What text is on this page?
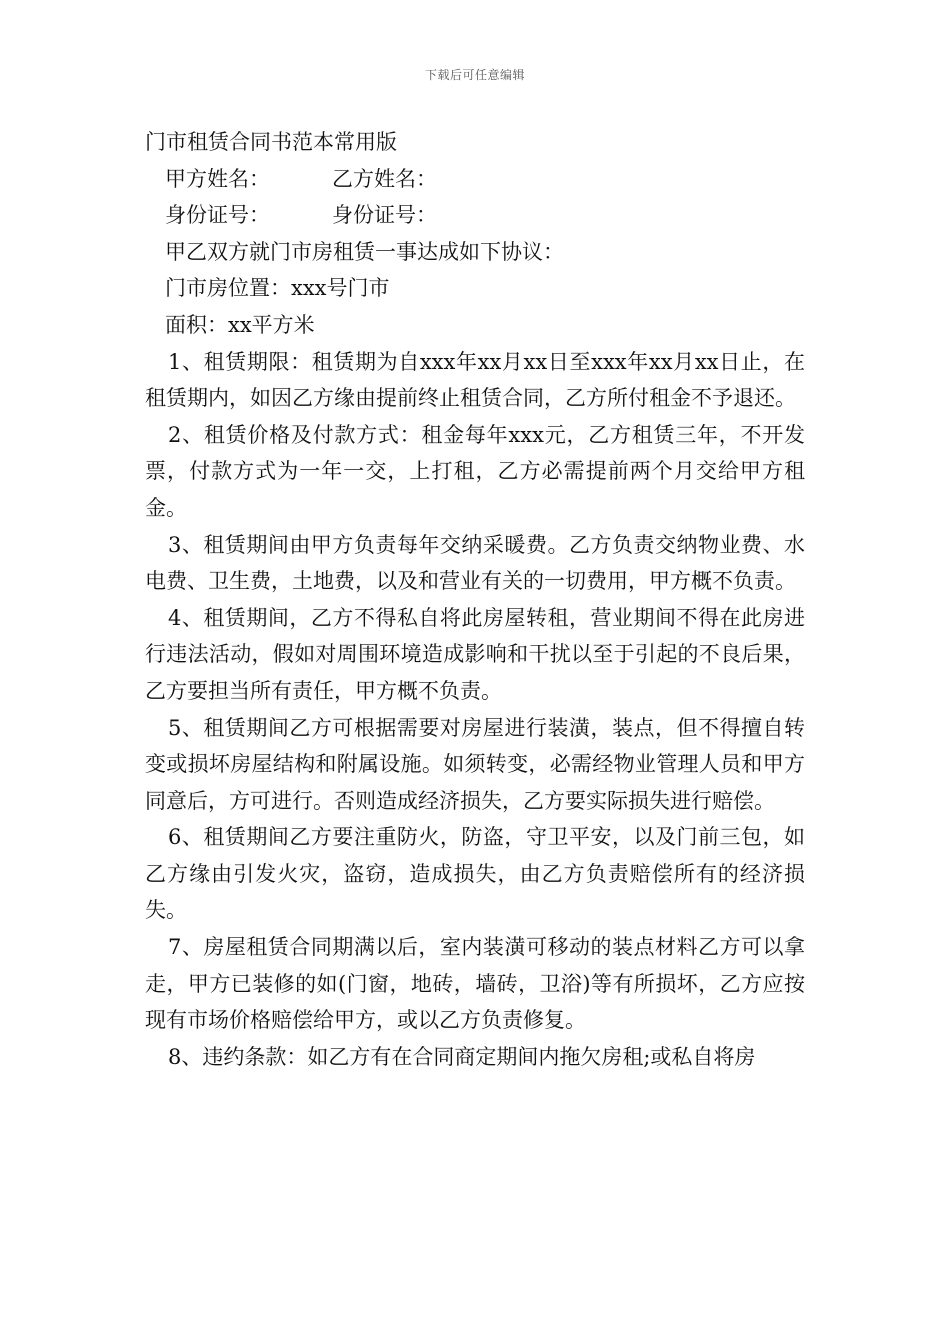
下载后可任意编辑

门市租赁合同书范本常用版

甲方姓名：	乙方姓名：

身份证号：	身份证号：

甲乙双方就门市房租赁一事达成如下协议：

门市房位置：xxx号门市

面积：xx平方米

1、租赁期限：租赁期为自xxx年xx月xx日至xxx年xx月xx日止，在租赁期内，如因乙方缘由提前终止租赁合同，乙方所付租金不予退还。

2、租赁价格及付款方式：租金每年xxx元，乙方租赁三年，不开发票，付款方式为一年一交，上打租，乙方必需提前两个月交给甲方租金。

3、租赁期间由甲方负责每年交纳采暖费。乙方负责交纳物业费、水电费、卫生费，土地费，以及和营业有关的一切费用，甲方概不负责。

4、租赁期间，乙方不得私自将此房屋转租，营业期间不得在此房进行违法活动，假如对周围环境造成影响和干扰以至于引起的不良后果，乙方要担当所有责任，甲方概不负责。

5、租赁期间乙方可根据需要对房屋进行装潢，装点，但不得擅自转变或损坏房屋结构和附属设施。如须转变，必需经物业管理人员和甲方同意后，方可进行。否则造成经济损失，乙方要实际损失进行赔偿。

6、租赁期间乙方要注重防火，防盗，守卫平安，以及门前三包，如乙方缘由引发火灾，盗窃，造成损失，由乙方负责赔偿所有的经济损失。

7、房屋租赁合同期满以后，室内装潢可移动的装点材料乙方可以拿走，甲方已装修的如(门窗，地砖，墙砖，卫浴)等有所损坏，乙方应按现有市场价格赔偿给甲方，或以乙方负责修复。

8、违约条款：如乙方有在合同商定期间内拖欠房租;或私自将房
